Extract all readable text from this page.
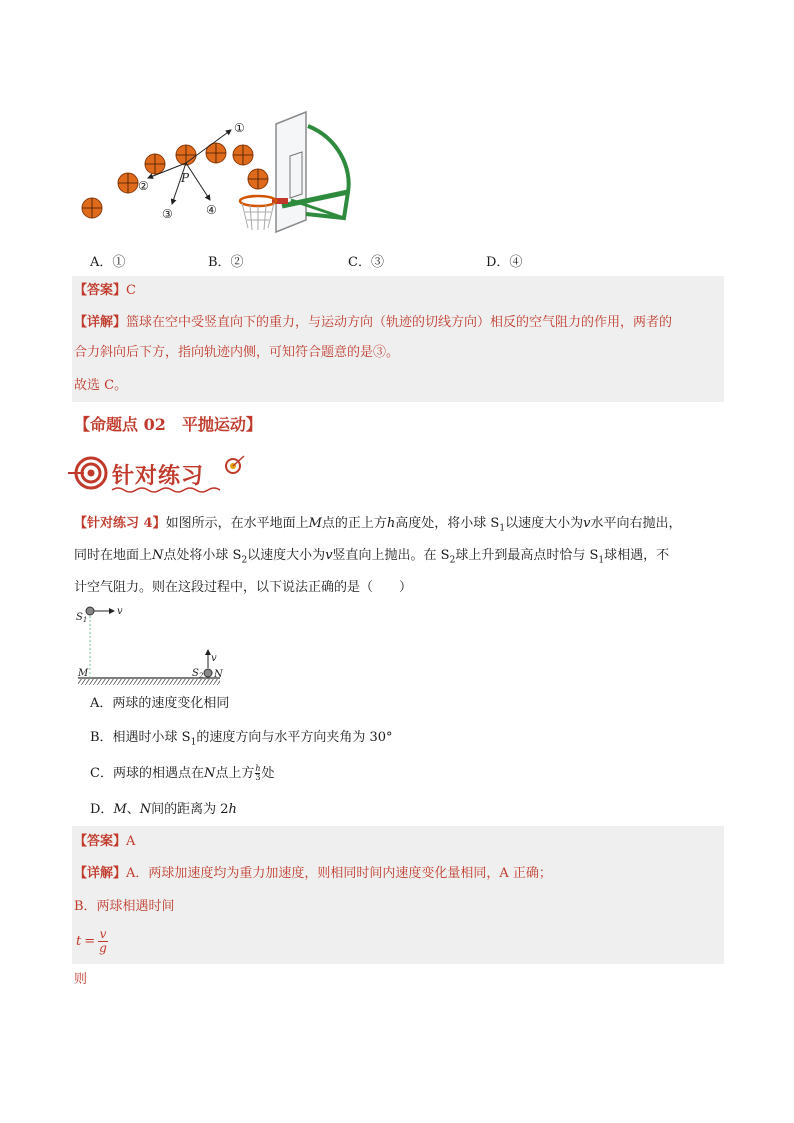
①
②
③	④
P
A．①	B．②	C．③	D．④
【答案】C
【详解】篮球在空中受竖直向下的重力，与运动方向（轨迹的切线方向）相反的空气阻力的作用，两者的
合力斜向后下方，指向轨迹内侧，可知符合题意的是③。
故选 C。
【命题点 02　平抛运动】
针对练习
【针对练习 4】如图所示，在水平地面上M点的正上方h高度处，将小球 $S_1$以速度大小为v水平向右抛出，
同时在地面上N点处将小球 $S_2$以速度大小为v竖直向上抛出。在 $S_2$球上升到最高点时恰与 $S_1$球相遇，不
计空气阻力。则在这段过程中，以下说法正确的是（　　）
$S_1$
v
v
$S_2$
M	N
A．两球的速度变化相同
B．相遇时小球 $S_1$的速度方向与水平方向夹角为 30°
C．两球的相遇点在N点上方 $\frac{h}{3}$ 处
D．M、N间的距离为 2h
【答案】A
【详解】A．两球加速度均为重力加速度，则相同时间内速度变化量相同，A 正确；
B．两球相遇时间
$t = \frac{v}{g}$
则
